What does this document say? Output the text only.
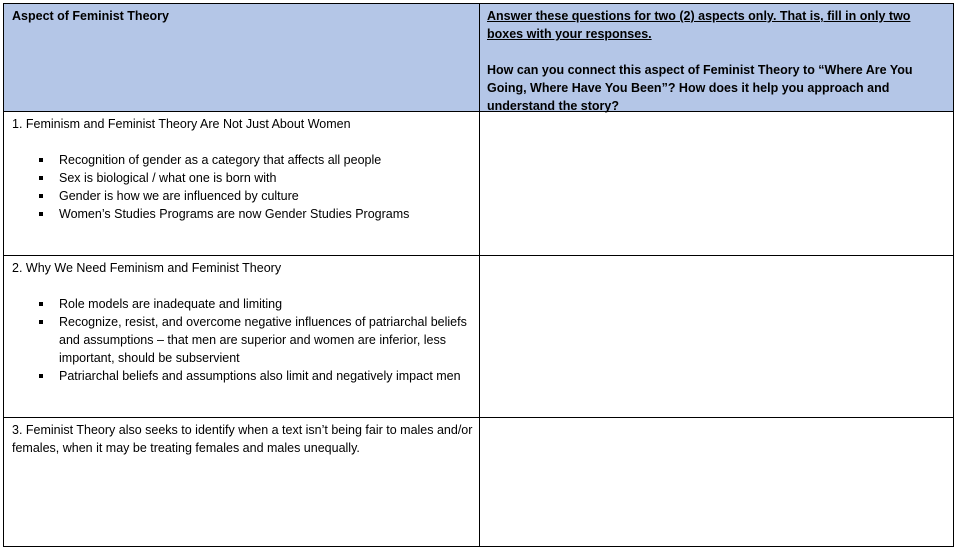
Aspect of Feminist Theory	Answer these questions for two (2) aspects only. That is, fill in only two boxes with your responses.
How can you connect this aspect of Feminist Theory to “Where Are You Going, Where Have You Been”? How does it help you approach and understand the story?
1. Feminism and Feminist Theory Are Not Just About Women
Recognition of gender as a category that affects all people
Sex is biological / what one is born with
Gender is how we are influenced by culture
Women’s Studies Programs are now Gender Studies Programs
2. Why We Need Feminism and Feminist Theory
Role models are inadequate and limiting
Recognize, resist, and overcome negative influences of patriarchal beliefs and assumptions – that men are superior and women are inferior, less important, should be subservient
Patriarchal beliefs and assumptions also limit and negatively impact men
3. Feminist Theory also seeks to identify when a text isn’t being fair to males and/or females, when it may be treating females and males unequally.
